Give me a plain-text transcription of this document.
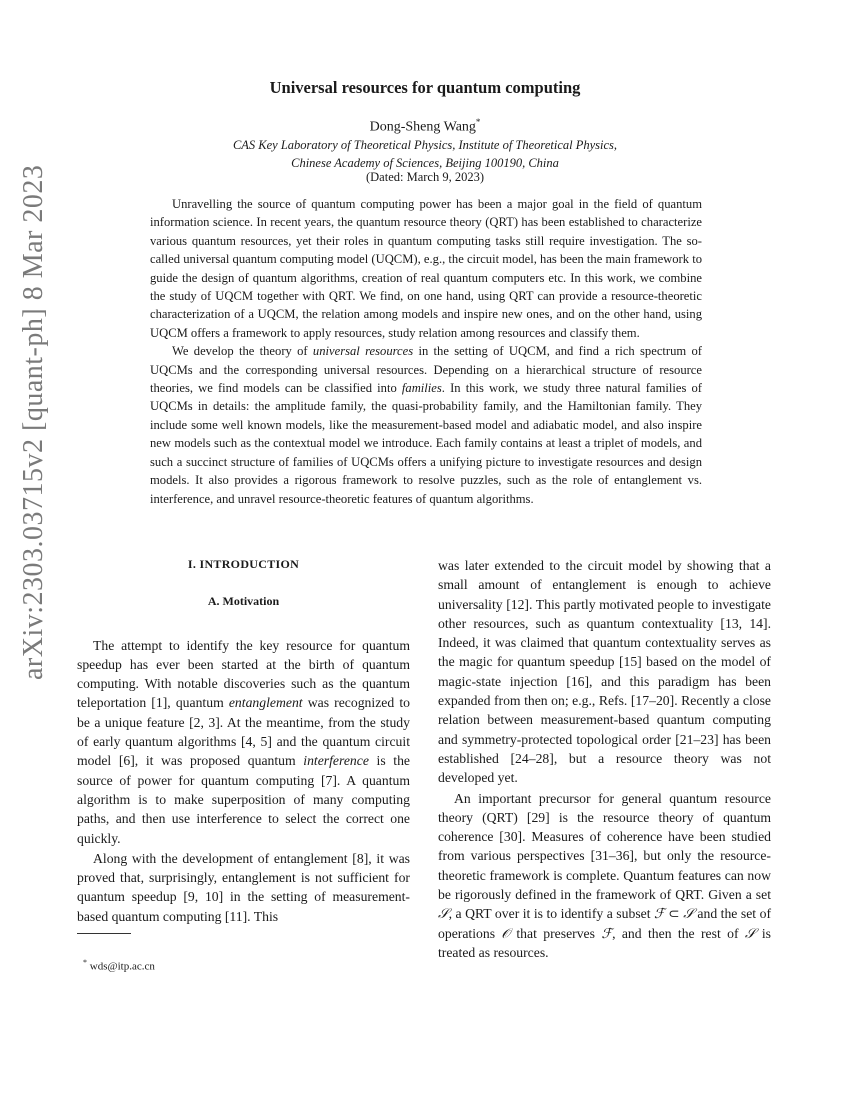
arXiv:2303.03715v2 [quant-ph] 8 Mar 2023
Universal resources for quantum computing
Dong-Sheng Wang*
CAS Key Laboratory of Theoretical Physics, Institute of Theoretical Physics,
Chinese Academy of Sciences, Beijing 100190, China
(Dated: March 9, 2023)

Unravelling the source of quantum computing power has been a major goal in the field of quantum information science. In recent years, the quantum resource theory (QRT) has been established to characterize various quantum resources, yet their roles in quantum computing tasks still require investigation. The so-called universal quantum computing model (UQCM), e.g., the circuit model, has been the main framework to guide the design of quantum algorithms, creation of real quantum computers etc. In this work, we combine the study of UQCM together with QRT. We find, on one hand, using QRT can provide a resource-theoretic characterization of a UQCM, the relation among models and inspire new ones, and on the other hand, using UQCM offers a framework to apply resources, study relation among resources and classify them.

We develop the theory of universal resources in the setting of UQCM, and find a rich spectrum of UQCMs and the corresponding universal resources. Depending on a hierarchical structure of resource theories, we find models can be classified into families. In this work, we study three natural families of UQCMs in details: the amplitude family, the quasi-probability family, and the Hamiltonian family. They include some well known models, like the measurement-based model and adiabatic model, and also inspire new models such as the contextual model we introduce. Each family contains at least a triplet of models, and such a succinct structure of families of UQCMs offers a unifying picture to investigate resources and design models. It also provides a rigorous framework to resolve puzzles, such as the role of entanglement vs. interference, and unravel resource-theoretic features of quantum algorithms.

I. INTRODUCTION
A. Motivation

The attempt to identify the key resource for quantum speedup has ever been started at the birth of quantum computing. With notable discoveries such as the quantum teleportation [1], quantum entanglement was recognized to be a unique feature [2, 3]. At the meantime, from the study of early quantum algorithms [4, 5] and the quantum circuit model [6], it was proposed quantum interference is the source of power for quantum computing [7]. A quantum algorithm is to make superposition of many computing paths, and then use interference to select the correct one quickly.

Along with the development of entanglement [8], it was proved that, surprisingly, entanglement is not sufficient for quantum speedup [9, 10] in the setting of measurement-based quantum computing [11]. This

was later extended to the circuit model by showing that a small amount of entanglement is enough to achieve universality [12]. This partly motivated people to investigate other resources, such as quantum contextuality [13, 14]. Indeed, it was claimed that quantum contextuality serves as the magic for quantum speedup [15] based on the model of magic-state injection [16], and this paradigm has been expanded from then on; e.g., Refs. [17–20]. Recently a close relation between measurement-based quantum computing and symmetry-protected topological order [21–23] has been established [24–28], but a resource theory was not developed yet.

An important precursor for general quantum resource theory (QRT) [29] is the resource theory of quantum coherence [30]. Measures of coherence have been studied from various perspectives [31–36], but only the resource-theoretic framework is complete. Quantum features can now be rigorously defined in the framework of QRT. Given a set 𝒮, a QRT over it is to identify a subset ℱ ⊂ 𝒮 and the set of operations 𝒪 that preserves ℱ, and then the rest of 𝒮 is treated as resources.

* wds@itp.ac.cn
